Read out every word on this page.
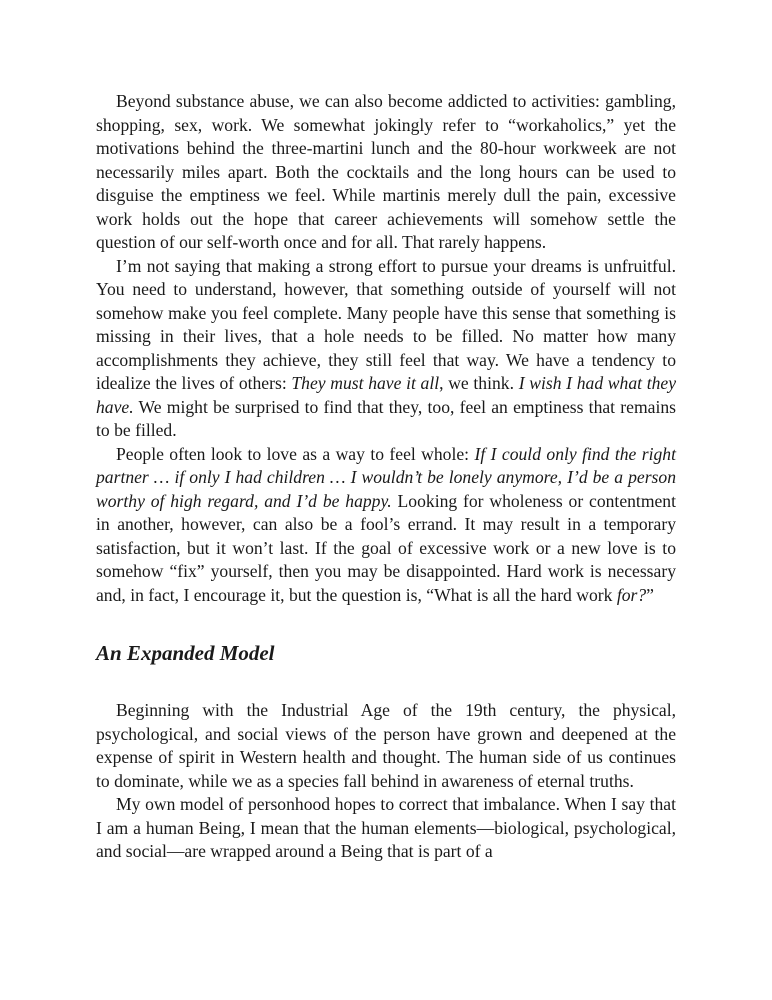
Beyond substance abuse, we can also become addicted to activities: gambling, shopping, sex, work. We somewhat jokingly refer to “workaholics,” yet the motivations behind the three-martini lunch and the 80-hour workweek are not necessarily miles apart. Both the cocktails and the long hours can be used to disguise the emptiness we feel. While martinis merely dull the pain, excessive work holds out the hope that career achievements will somehow settle the question of our self-worth once and for all. That rarely happens.

I’m not saying that making a strong effort to pursue your dreams is unfruitful. You need to understand, however, that something outside of yourself will not somehow make you feel complete. Many people have this sense that something is missing in their lives, that a hole needs to be filled. No matter how many accomplishments they achieve, they still feel that way. We have a tendency to idealize the lives of others: They must have it all, we think. I wish I had what they have. We might be surprised to find that they, too, feel an emptiness that remains to be filled.

People often look to love as a way to feel whole: If I could only find the right partner … if only I had children … I wouldn’t be lonely anymore, I’d be a person worthy of high regard, and I’d be happy. Looking for wholeness or contentment in another, however, can also be a fool’s errand. It may result in a temporary satisfaction, but it won’t last. If the goal of excessive work or a new love is to somehow “fix” yourself, then you may be disappointed. Hard work is necessary and, in fact, I encourage it, but the question is, “What is all the hard work for?”

An Expanded Model

Beginning with the Industrial Age of the 19th century, the physical, psychological, and social views of the person have grown and deepened at the expense of spirit in Western health and thought. The human side of us continues to dominate, while we as a species fall behind in awareness of eternal truths.

My own model of personhood hopes to correct that imbalance. When I say that I am a human Being, I mean that the human elements—biological, psychological, and social—are wrapped around a Being that is part of a
